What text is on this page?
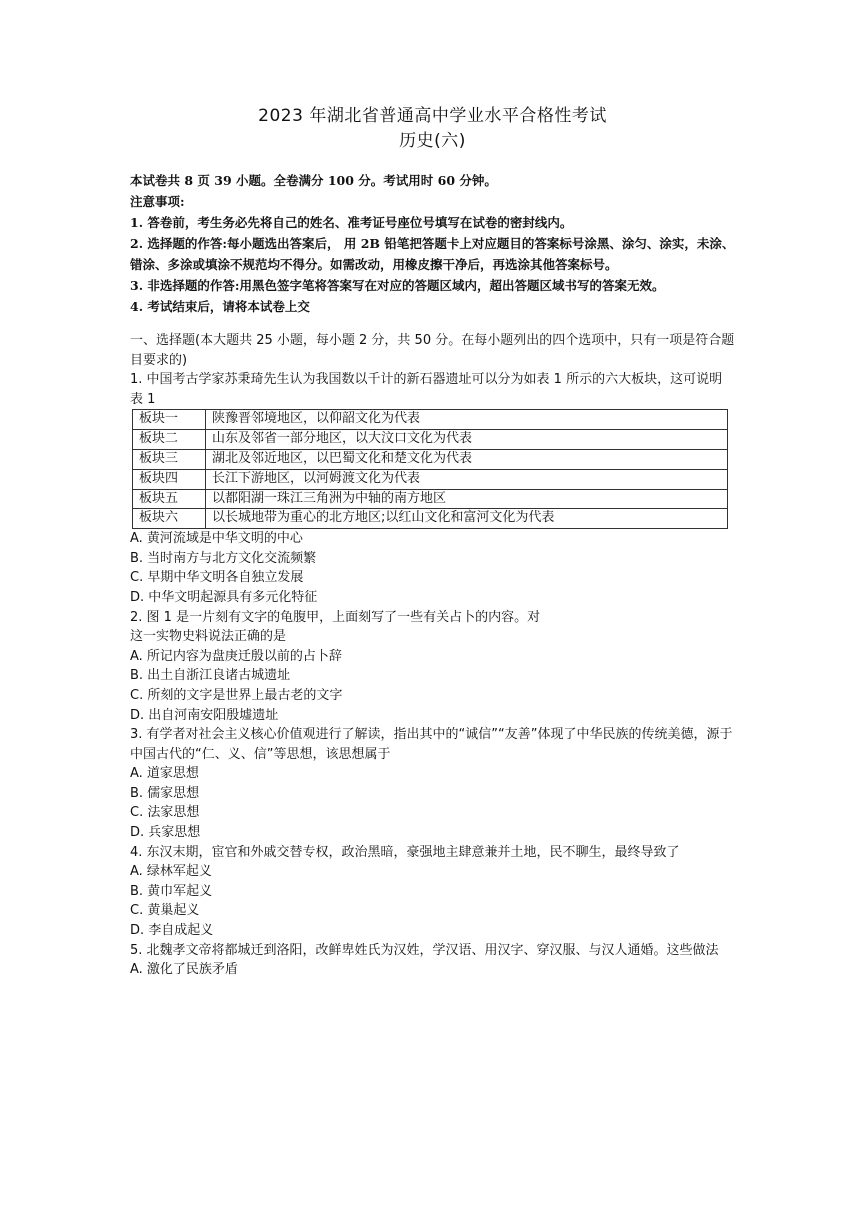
2023 年湖北省普通高中学业水平合格性考试
历史(六)

本试卷共 8 页 39 小题。全卷满分 100 分。考试用时 60 分钟。

注意事项:

1. 答卷前，考生务必先将自己的姓名、准考证号座位号填写在试卷的密封线内。

2. 选择题的作答:每小题选出答案后， 用 2B 铅笔把答题卡上对应题目的答案标号涂黑、涂匀、涂实，未涂、错涂、多涂或填涂不规范均不得分。如需改动，用橡皮擦干净后，再选涂其他答案标号。

3. 非选择题的作答:用黑色签字笔将答案写在对应的答题区域内，超出答题区域书写的答案无效。

4. 考试结束后，请将本试卷上交

一、选择题(本大题共 25 小题，每小题 2 分，共 50 分。在每小题列出的四个选项中，只有一项是符合题目要求的)

1. 中国考古学家苏秉琦先生认为我国数以千计的新石器遗址可以分为如表 1 所示的六大板块，这可说明

表 1

板块一	陕豫晋邻境地区，以仰韶文化为代表
板块二	山东及邻省一部分地区，以大汶口文化为代表
板块三	湖北及邻近地区，以巴蜀文化和楚文化为代表
板块四	长江下游地区，以河姆渡文化为代表
板块五	以都阳湖一珠江三角洲为中轴的南方地区
板块六	以长城地带为重心的北方地区;以红山文化和富河文化为代表

A. 黄河流域是中华文明的中心

B. 当时南方与北方文化交流频繁

C. 早期中华文明各自独立发展

D. 中华文明起源具有多元化特征

2. 图 1 是一片刻有文字的龟腹甲，上面刻写了一些有关占卜的内容。对

这一实物史料说法正确的是

A. 所记内容为盘庚迁殷以前的占卜辞

B. 出土自浙江良诸古城遗址

C. 所刻的文字是世界上最古老的文字

D. 出自河南安阳殷墟遗址

3. 有学者对社会主义核心价值观进行了解读，指出其中的“诚信”“友善”体现了中华民族的传统美德，源于中国古代的“仁、义、信”等思想，该思想属于

A. 道家思想

B. 儒家思想

C. 法家思想

D. 兵家思想

4. 东汉末期，宦官和外戚交替专权，政治黑暗，豪强地主肆意兼并土地，民不聊生，最终导致了

A. 绿林军起义

B. 黄巾军起义

C. 黄巢起义

D. 李自成起义

5. 北魏孝文帝将都城迁到洛阳，改鲜卑姓氏为汉姓，学汉语、用汉字、穿汉服、与汉人通婚。这些做法

A. 激化了民族矛盾
